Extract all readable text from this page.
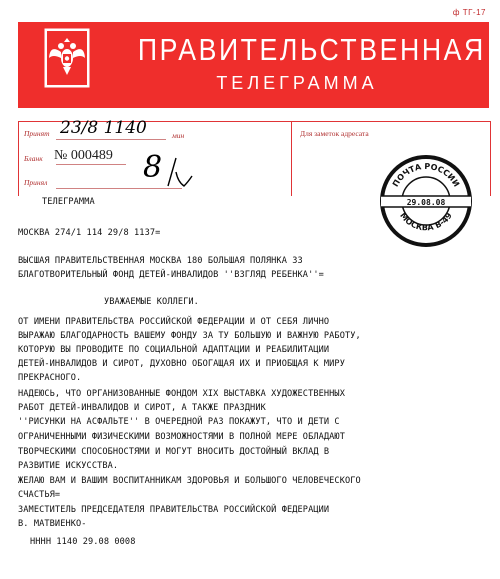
ф ТГ-17
ПРАВИТЕЛЬСТВЕННАЯ
ТЕЛЕГРАММА
Принят 23/8 1140	мин
Бланк № 000489
Принял	8
Для заметок адресата
ПОЧТА РОССИИ
МОСКВА В-49
29.08.08
ТЕЛЕГРАММА
МОСКВА 274/1 114 29/8 1137=
ВЫСШАЯ ПРАВИТЕЛЬСТВЕННАЯ МОСКВА 180 БОЛЬШАЯ ПОЛЯНКА 33
БЛАГОТВОРИТЕЛЬНЫЙ ФОНД ДЕТЕЙ-ИНВАЛИДОВ ''ВЗГЛЯД РЕБЕНКА''=
УВАЖАЕМЫЕ КОЛЛЕГИ.
ОТ ИМЕНИ ПРАВИТЕЛЬСТВА РОССИЙСКОЙ ФЕДЕРАЦИИ И ОТ СЕБЯ ЛИЧНО
ВЫРАЖАЮ БЛАГОДАРНОСТЬ ВАШЕМУ ФОНДУ ЗА ТУ БОЛЬШУЮ И ВАЖНУЮ РАБОТУ,
КОТОРУЮ ВЫ ПРОВОДИТЕ ПО СОЦИАЛЬНОЙ АДАПТАЦИИ И РЕАБИЛИТАЦИИ
ДЕТЕЙ-ИНВАЛИДОВ И СИРОТ, ДУХОВНО ОБОГАЩАЯ ИХ И ПРИОБЩАЯ К МИРУ
ПРЕКРАСНОГО.
НАДЕЮСЬ, ЧТО ОРГАНИЗОВАННЫЕ ФОНДОМ XIX ВЫСТАВКА ХУДОЖЕСТВЕННЫХ
РАБОТ ДЕТЕЙ-ИНВАЛИДОВ И СИРОТ, А ТАКЖЕ ПРАЗДНИК
''РИСУНКИ НА АСФАЛЬТЕ'' В ОЧЕРЕДНОЙ РАЗ ПОКАЖУТ, ЧТО И ДЕТИ С
ОГРАНИЧЕННЫМИ ФИЗИЧЕСКИМИ ВОЗМОЖНОСТЯМИ В ПОЛНОЙ МЕРЕ ОБЛАДАЮТ
ТВОРЧЕСКИМИ СПОСОБНОСТЯМИ И МОГУТ ВНОСИТЬ ДОСТОЙНЫЙ ВКЛАД В
РАЗВИТИЕ ИСКУССТВА.
ЖЕЛАЮ ВАМ И ВАШИМ ВОСПИТАННИКАМ ЗДОРОВЬЯ И БОЛЬШОГО ЧЕЛОВЕЧЕСКОГО
СЧАСТЬЯ=
ЗАМЕСТИТЕЛЬ ПРЕДСЕДАТЕЛЯ ПРАВИТЕЛЬСТВА РОССИЙСКОЙ ФЕДЕРАЦИИ
В. МАТВИЕНКО-
НННН 1140 29.08 0008
